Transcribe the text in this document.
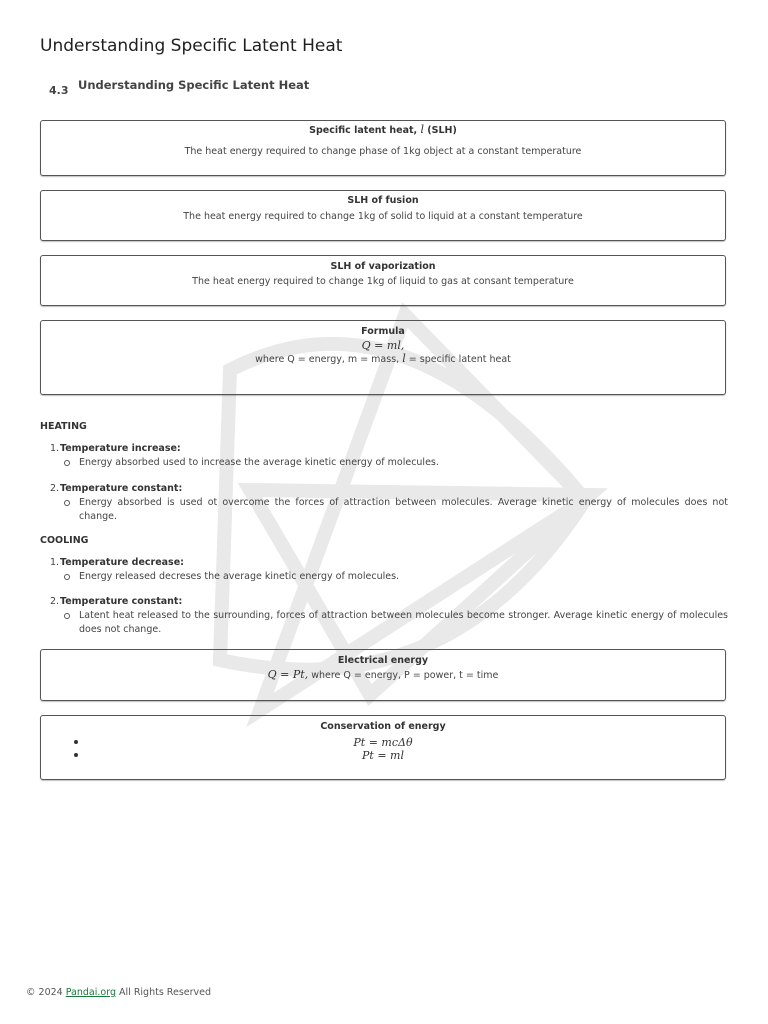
Understanding Specific Latent Heat
4.3 Understanding Specific Latent Heat
Specific latent heat, l (SLH)
The heat energy required to change phase of 1kg object at a constant temperature
SLH of fusion
The heat energy required to change 1kg of solid to liquid at a constant temperature
SLH of vaporization
The heat energy required to change 1kg of liquid to gas at consant temperature
Formula
Q = ml,
where Q = energy, m = mass, l = specific latent heat
HEATING
1.Temperature increase:
Energy absorbed used to increase the average kinetic energy of molecules.
2.Temperature constant:
Energy absorbed is used ot overcome the forces of attraction between molecules. Average kinetic energy of molecules does not change.
COOLING
1.Temperature decrease:
Energy released decreses the average kinetic energy of molecules.
2.Temperature constant:
Latent heat released to the surrounding, forces of attraction between molecules become stronger. Average kinetic energy of molecules does not change.
Electrical energy
Q = Pt, where Q = energy, P = power, t = time
Conservation of energy
Pt = mcΔθ
Pt = ml
© 2024 Pandai.org All Rights Reserved
